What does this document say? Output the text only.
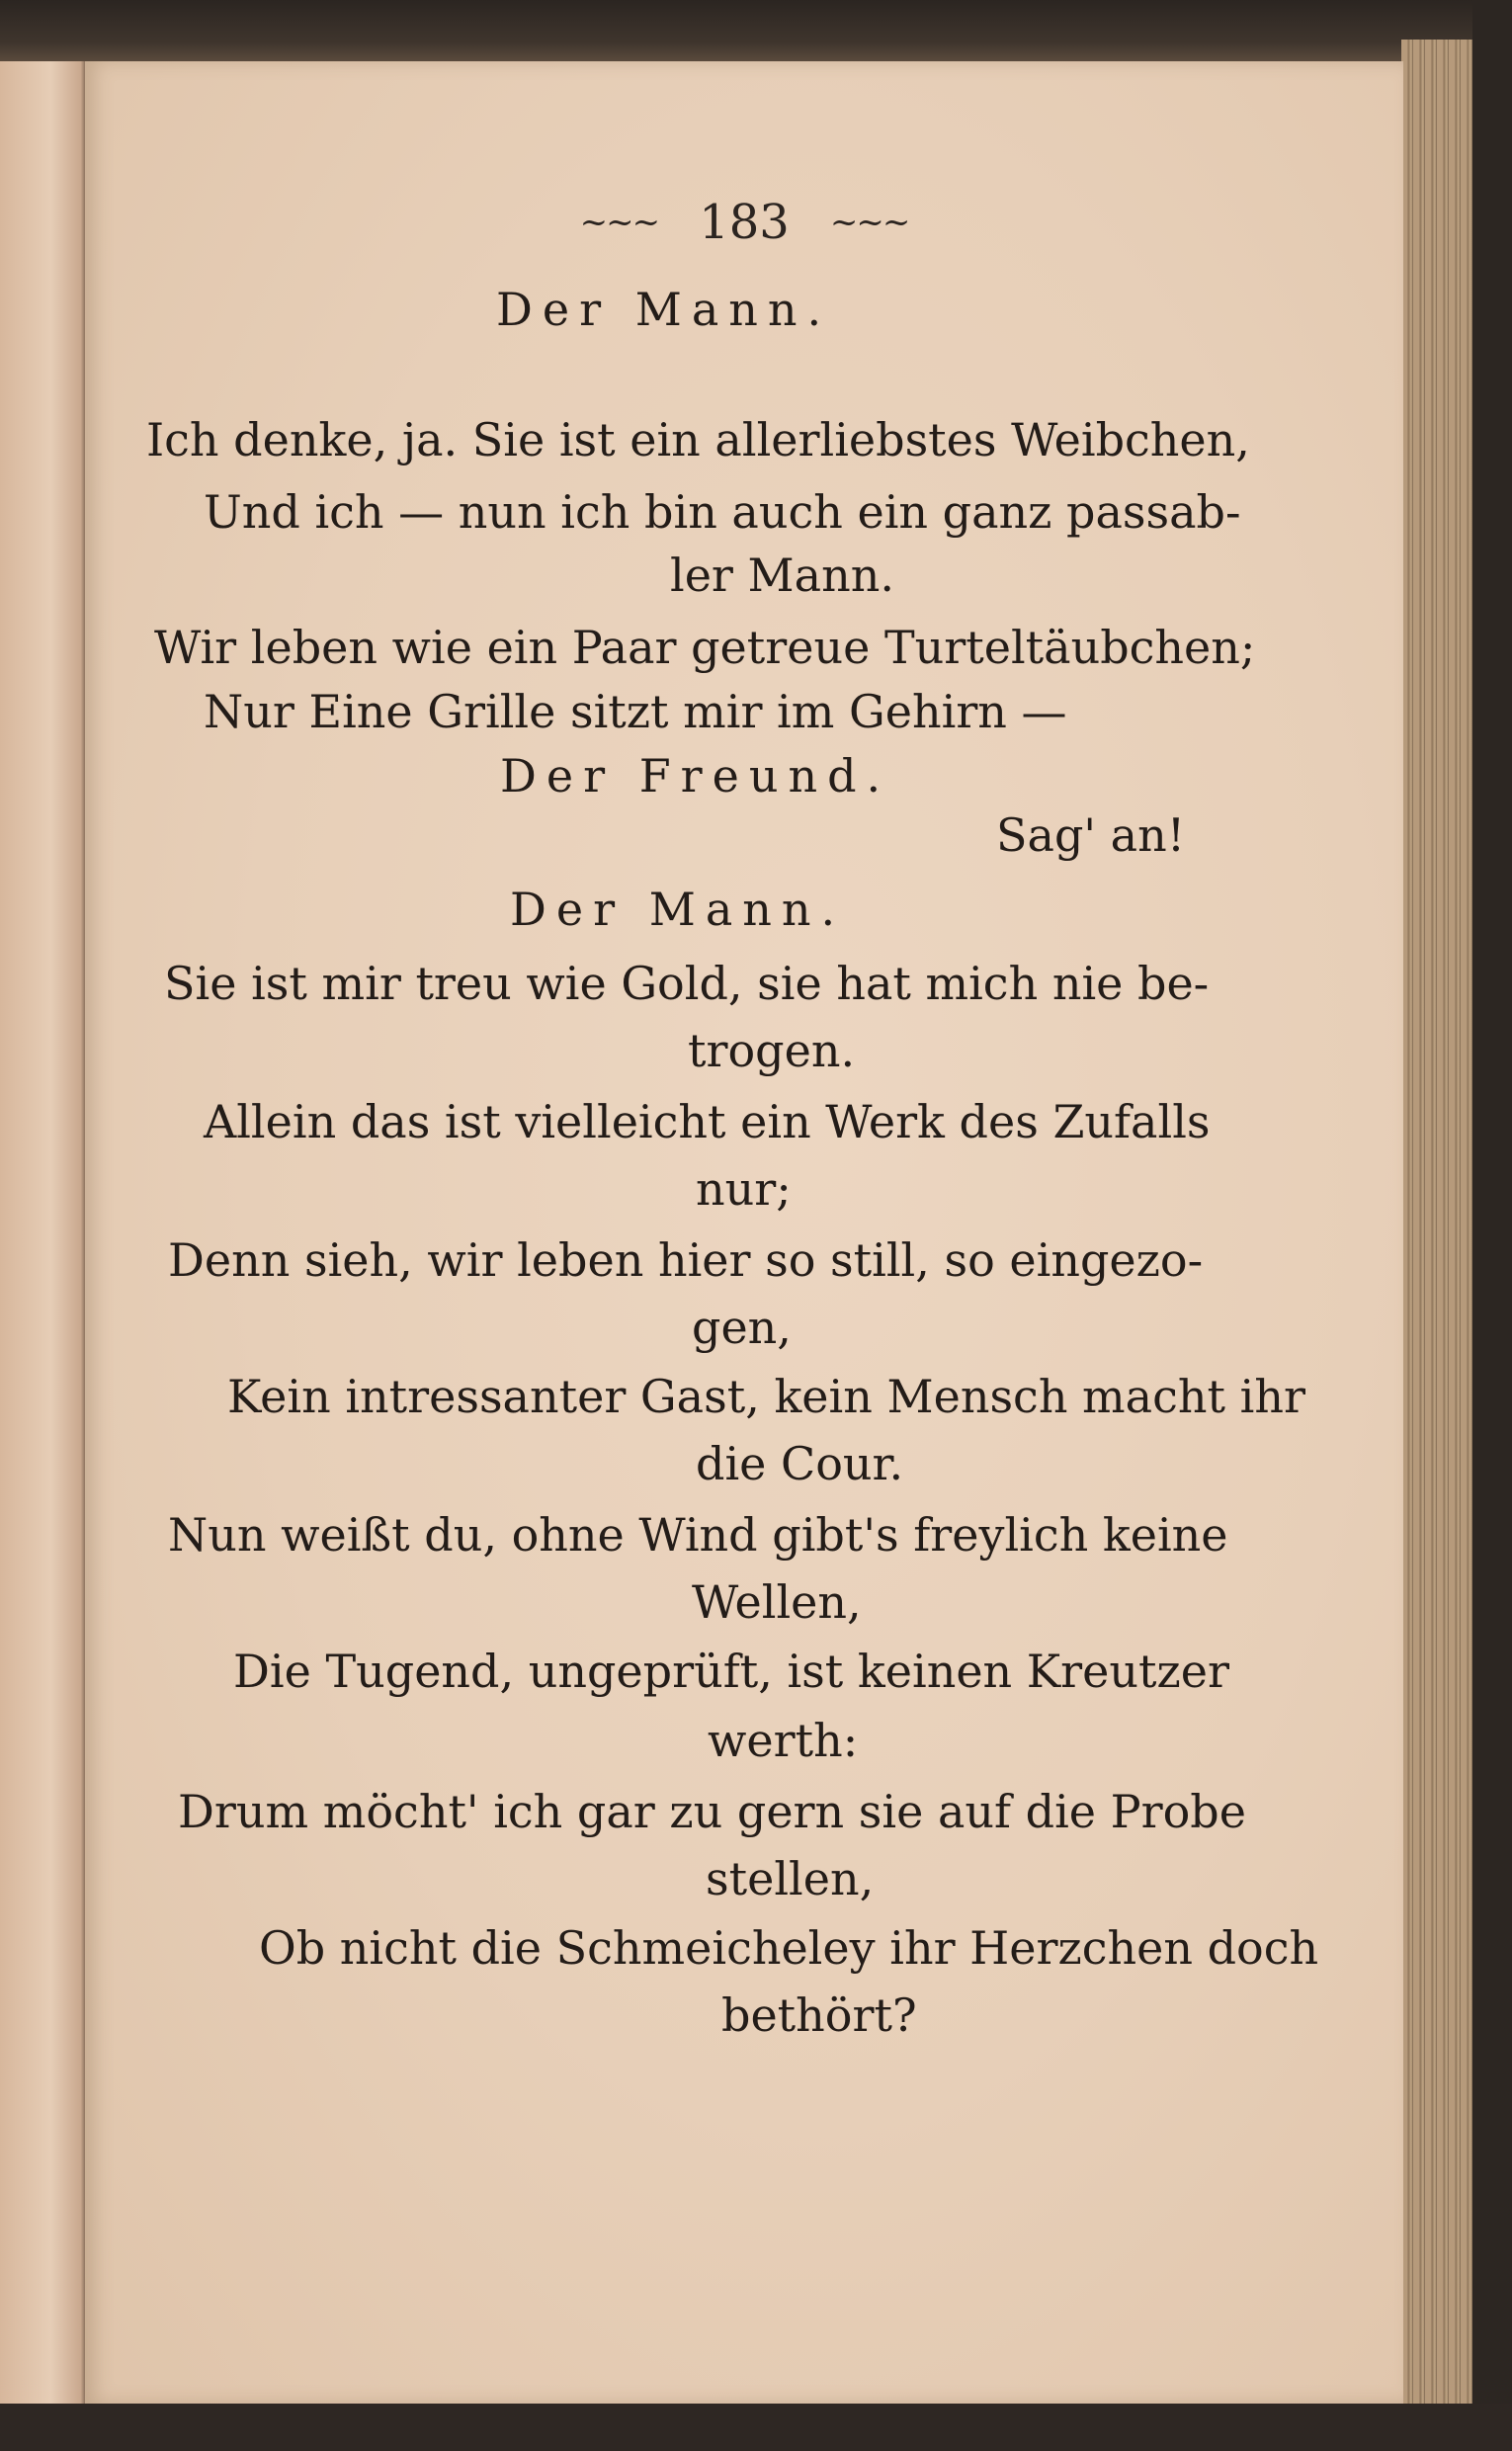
~~~ 183 ~~~
Der Mann.
Ich denke, ja. Sie ist ein allerliebstes Weibchen,
Und ich — nun ich bin auch ein ganz passab-
ler Mann.
Wir leben wie ein Paar getreue Turteltäubchen;
Nur Eine Grille sitzt mir im Gehirn —
Der Freund.
Sag' an!
Der Mann.
Sie ist mir treu wie Gold, sie hat mich nie be-
trogen.
Allein das ist vielleicht ein Werk des Zufalls
nur;
Denn sieh, wir leben hier so still, so eingezo-
gen,
Kein intressanter Gast, kein Mensch macht ihr
die Cour.
Nun weißt du, ohne Wind gibt's freylich keine
Wellen,
Die Tugend, ungeprüft, ist keinen Kreutzer
werth:
Drum möcht' ich gar zu gern sie auf die Probe
stellen,
Ob nicht die Schmeicheley ihr Herzchen doch
bethört?
